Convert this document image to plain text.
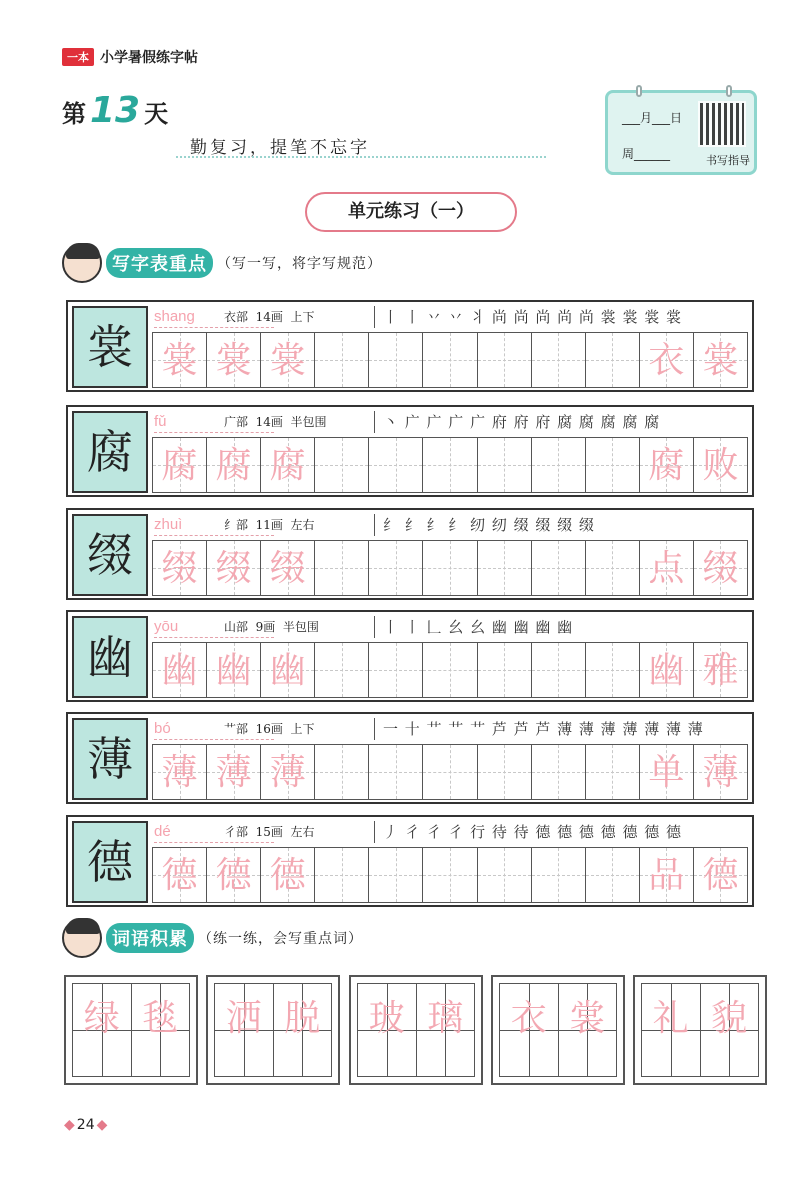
一本 小学暑假练字帖
第 13 天
勤复习，提笔不忘字
___月___日
周______	书写指导
单元练习（一）
写字表重点 （写一写，将字写规范）
裳
shang	衣部  14画  上下	丨 丨 丷 丷 丬 尚 尚 尚 尚 尚 裳 裳 裳 裳
裳 裳 裳	衣 裳
腐
fǔ	广部  14画  半包围	丶 广 广 广 广 府 府 府 腐 腐 腐 腐 腐
腐 腐 腐	腐 败
缀
zhuì	纟部  11画  左右	纟 纟 纟 纟 纫 纫 缀 缀 缀 缀
缀 缀 缀	点 缀
幽
yōu	山部  9画  半包围	丨 丨 𠃊 幺 幺 幽 幽 幽 幽
幽 幽 幽	幽 雅
薄
bó	艹部  16画  上下	一 十 艹 艹 艹 芦 芦 芦 薄 薄 薄 薄 薄 薄 薄
薄 薄 薄	单 薄
德
dé	彳部  15画  左右	丿 彳 彳 彳 行 待 待 德 德 德 德 德 德 德
德 德 德	品 德
词语积累 （练一练，会写重点词）
绿 毯 洒 脱 玻 璃 衣 裳 礼 貌
◆ 24 ◆
